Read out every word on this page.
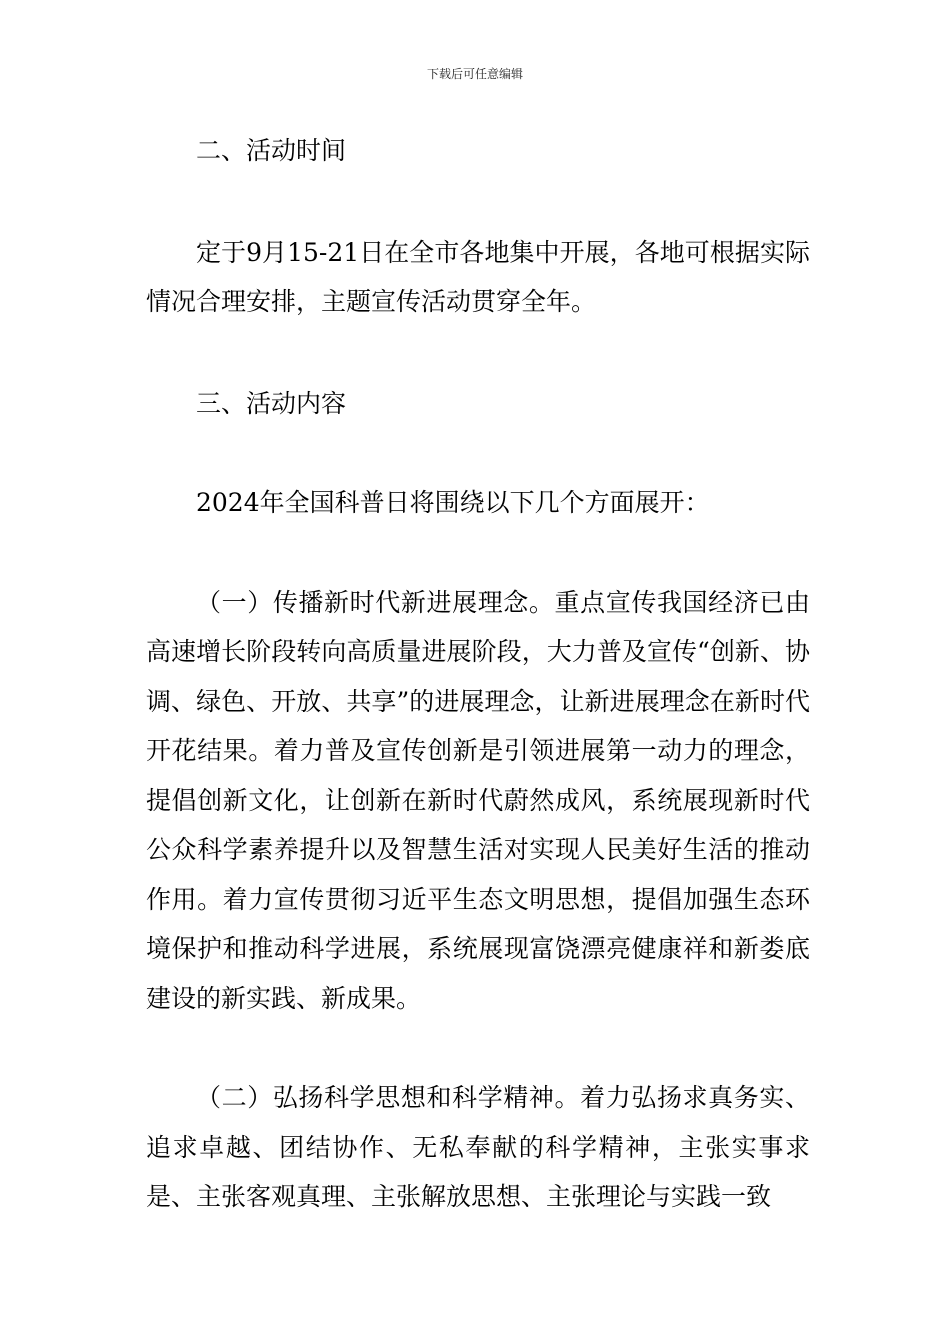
下载后可任意编辑

二、活动时间

定于9月15-21日在全市各地集中开展，各地可根据实际情况合理安排，主题宣传活动贯穿全年。

三、活动内容

2024年全国科普日将围绕以下几个方面展开：

（一）传播新时代新进展理念。重点宣传我国经济已由高速增长阶段转向高质量进展阶段，大力普及宣传“创新、协调、绿色、开放、共享”的进展理念，让新进展理念在新时代开花结果。着力普及宣传创新是引领进展第一动力的理念，提倡创新文化，让创新在新时代蔚然成风，系统展现新时代公众科学素养提升以及智慧生活对实现人民美好生活的推动作用。着力宣传贯彻习近平生态文明思想，提倡加强生态环境保护和推动科学进展，系统展现富饶漂亮健康祥和新娄底建设的新实践、新成果。

（二）弘扬科学思想和科学精神。着力弘扬求真务实、追求卓越、团结协作、无私奉献的科学精神，主张实事求是、主张客观真理、主张解放思想、主张理论与实践一致
